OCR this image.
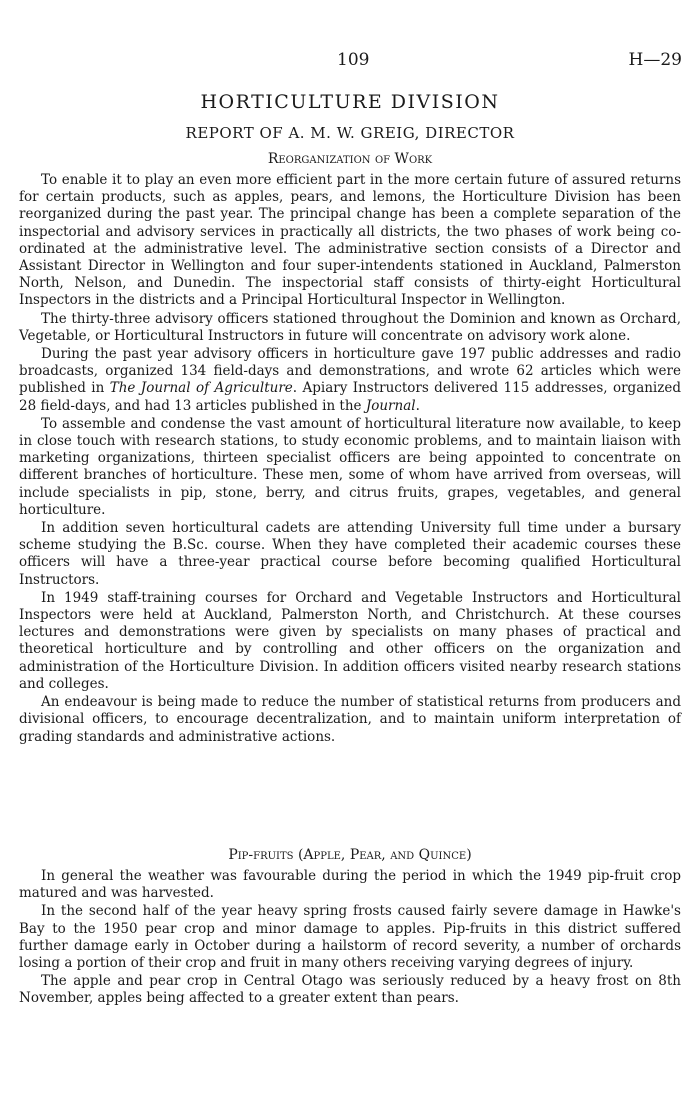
109	H—29
HORTICULTURE DIVISION
REPORT OF A. M. W. GREIG, DIRECTOR
Reorganization of Work

To enable it to play an even more efficient part in the more certain future of assured returns for certain products, such as apples, pears, and lemons, the Horticulture Division has been reorganized during the past year. The principal change has been a complete separation of the inspectorial and advisory services in practically all districts, the two phases of work being co-ordinated at the administrative level. The administrative section consists of a Director and Assistant Director in Wellington and four super-intendents stationed in Auckland, Palmerston North, Nelson, and Dunedin. The inspectorial staff consists of thirty-eight Horticultural Inspectors in the districts and a Principal Horticultural Inspector in Wellington.

The thirty-three advisory officers stationed throughout the Dominion and known as Orchard, Vegetable, or Horticultural Instructors in future will concentrate on advisory work alone.

During the past year advisory officers in horticulture gave 197 public addresses and radio broadcasts, organized 134 field-days and demonstrations, and wrote 62 articles which were published in The Journal of Agriculture. Apiary Instructors delivered 115 addresses, organized 28 field-days, and had 13 articles published in the Journal.

To assemble and condense the vast amount of horticultural literature now available, to keep in close touch with research stations, to study economic problems, and to maintain liaison with marketing organizations, thirteen specialist officers are being appointed to concentrate on different branches of horticulture. These men, some of whom have arrived from overseas, will include specialists in pip, stone, berry, and citrus fruits, grapes, vegetables, and general horticulture.

In addition seven horticultural cadets are attending University full time under a bursary scheme studying the B.Sc. course. When they have completed their academic courses these officers will have a three-year practical course before becoming qualified Horticultural Instructors.

In 1949 staff-training courses for Orchard and Vegetable Instructors and Horticultural Inspectors were held at Auckland, Palmerston North, and Christchurch. At these courses lectures and demonstrations were given by specialists on many phases of practical and theoretical horticulture and by controlling and other officers on the organization and administration of the Horticulture Division. In addition officers visited nearby research stations and colleges.

An endeavour is being made to reduce the number of statistical returns from producers and divisional officers, to encourage decentralization, and to maintain uniform interpretation of grading standards and administrative actions.

Pip-fruits (Apple, Pear, and Quince)

In general the weather was favourable during the period in which the 1949 pip-fruit crop matured and was harvested.

In the second half of the year heavy spring frosts caused fairly severe damage in Hawke's Bay to the 1950 pear crop and minor damage to apples. Pip-fruits in this district suffered further damage early in October during a hailstorm of record severity, a number of orchards losing a portion of their crop and fruit in many others receiving varying degrees of injury.

The apple and pear crop in Central Otago was seriously reduced by a heavy frost on 8th November, apples being affected to a greater extent than pears.
